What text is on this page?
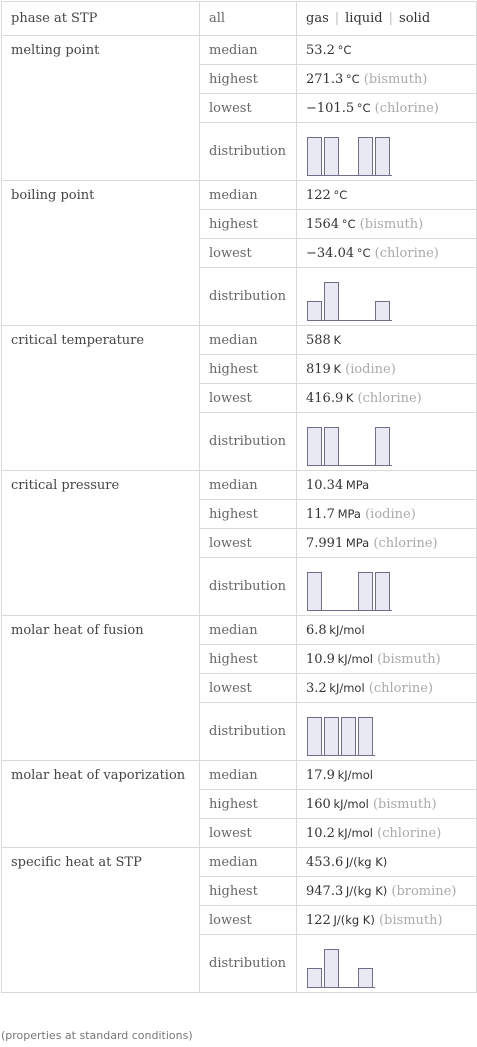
phase at STP	all	gas | liquid | solid
melting point	median	53.2  °C
	highest	271.3  °C (bismuth)
	lowest	−101.5  °C (chlorine)
	distribution	

boiling point	median	122  °C
	highest	1564  °C (bismuth)
	lowest	−34.04  °C (chlorine)
	distribution	

critical temperature	median	588  K
	highest	819  K (iodine)
	lowest	416.9  K (chlorine)
	distribution	

critical pressure	median	10.34  MPa
	highest	11.7  MPa (iodine)
	lowest	7.991  MPa (chlorine)
	distribution	

molar heat of fusion	median	6.8  kJ/mol
	highest	10.9  kJ/mol (bismuth)
	lowest	3.2  kJ/mol (chlorine)
	distribution	

molar heat of vaporization	median	17.9  kJ/mol
	highest	160  kJ/mol (bismuth)
	lowest	10.2  kJ/mol (chlorine)
specific heat at STP	median	453.6  J/(kg K)
	highest	947.3  J/(kg K) (bromine)
	lowest	122  J/(kg K) (bismuth)
	distribution	
(properties at standard conditions)
